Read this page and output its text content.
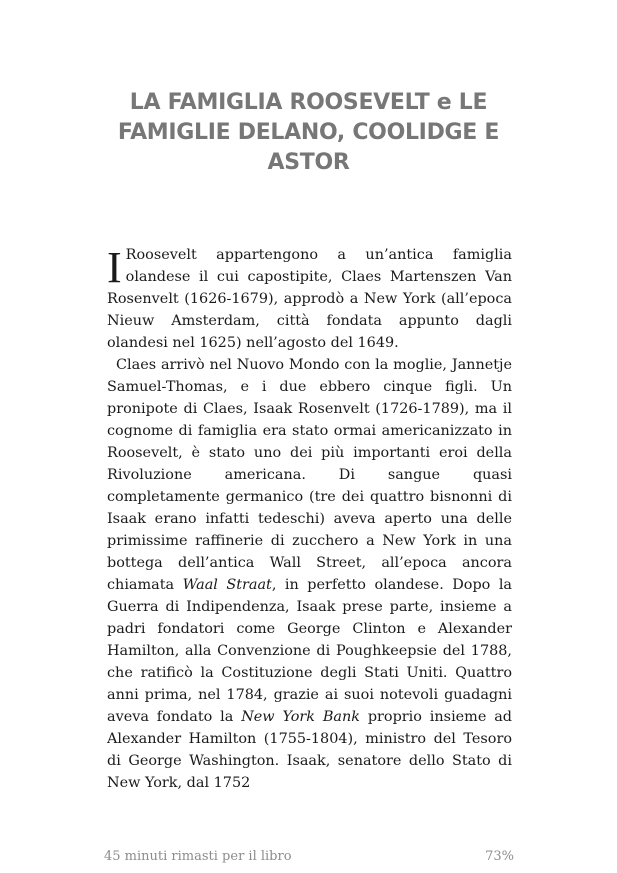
LA FAMIGLIA ROOSEVELT e LE FAMIGLIE DELANO, COOLIDGE E ASTOR

I Roosevelt appartengono a un’antica famiglia olandese il cui capostipite, Claes Martenszen Van Rosenvelt (1626-1679), approdò a New York (all’epoca Nieuw Amsterdam, città fondata appunto dagli olandesi nel 1625) nell’agosto del 1649.

Claes arrivò nel Nuovo Mondo con la moglie, Jannetje Samuel-Thomas, e i due ebbero cinque figli. Un pronipote di Claes, Isaak Rosenvelt (1726-1789), ma il cognome di famiglia era stato ormai americanizzato in Roosevelt, è stato uno dei più importanti eroi della Rivoluzione americana. Di sangue quasi completamente germanico (tre dei quattro bisnonni di Isaak erano infatti tedeschi) aveva aperto una delle primissime raffinerie di zucchero a New York in una bottega dell’antica Wall Street, all’epoca ancora chiamata Waal Straat, in perfetto olandese. Dopo la Guerra di Indipendenza, Isaak prese parte, insieme a padri fondatori come George Clinton e Alexander Hamilton, alla Convenzione di Poughkeepsie del 1788, che ratificò la Costituzione degli Stati Uniti. Quattro anni prima, nel 1784, grazie ai suoi notevoli guadagni aveva fondato la New York Bank proprio insieme ad Alexander Hamilton (1755-1804), ministro del Tesoro di George Washington. Isaak, senatore dello Stato di New York, dal 1752

45 minuti rimasti per il libro	73%
